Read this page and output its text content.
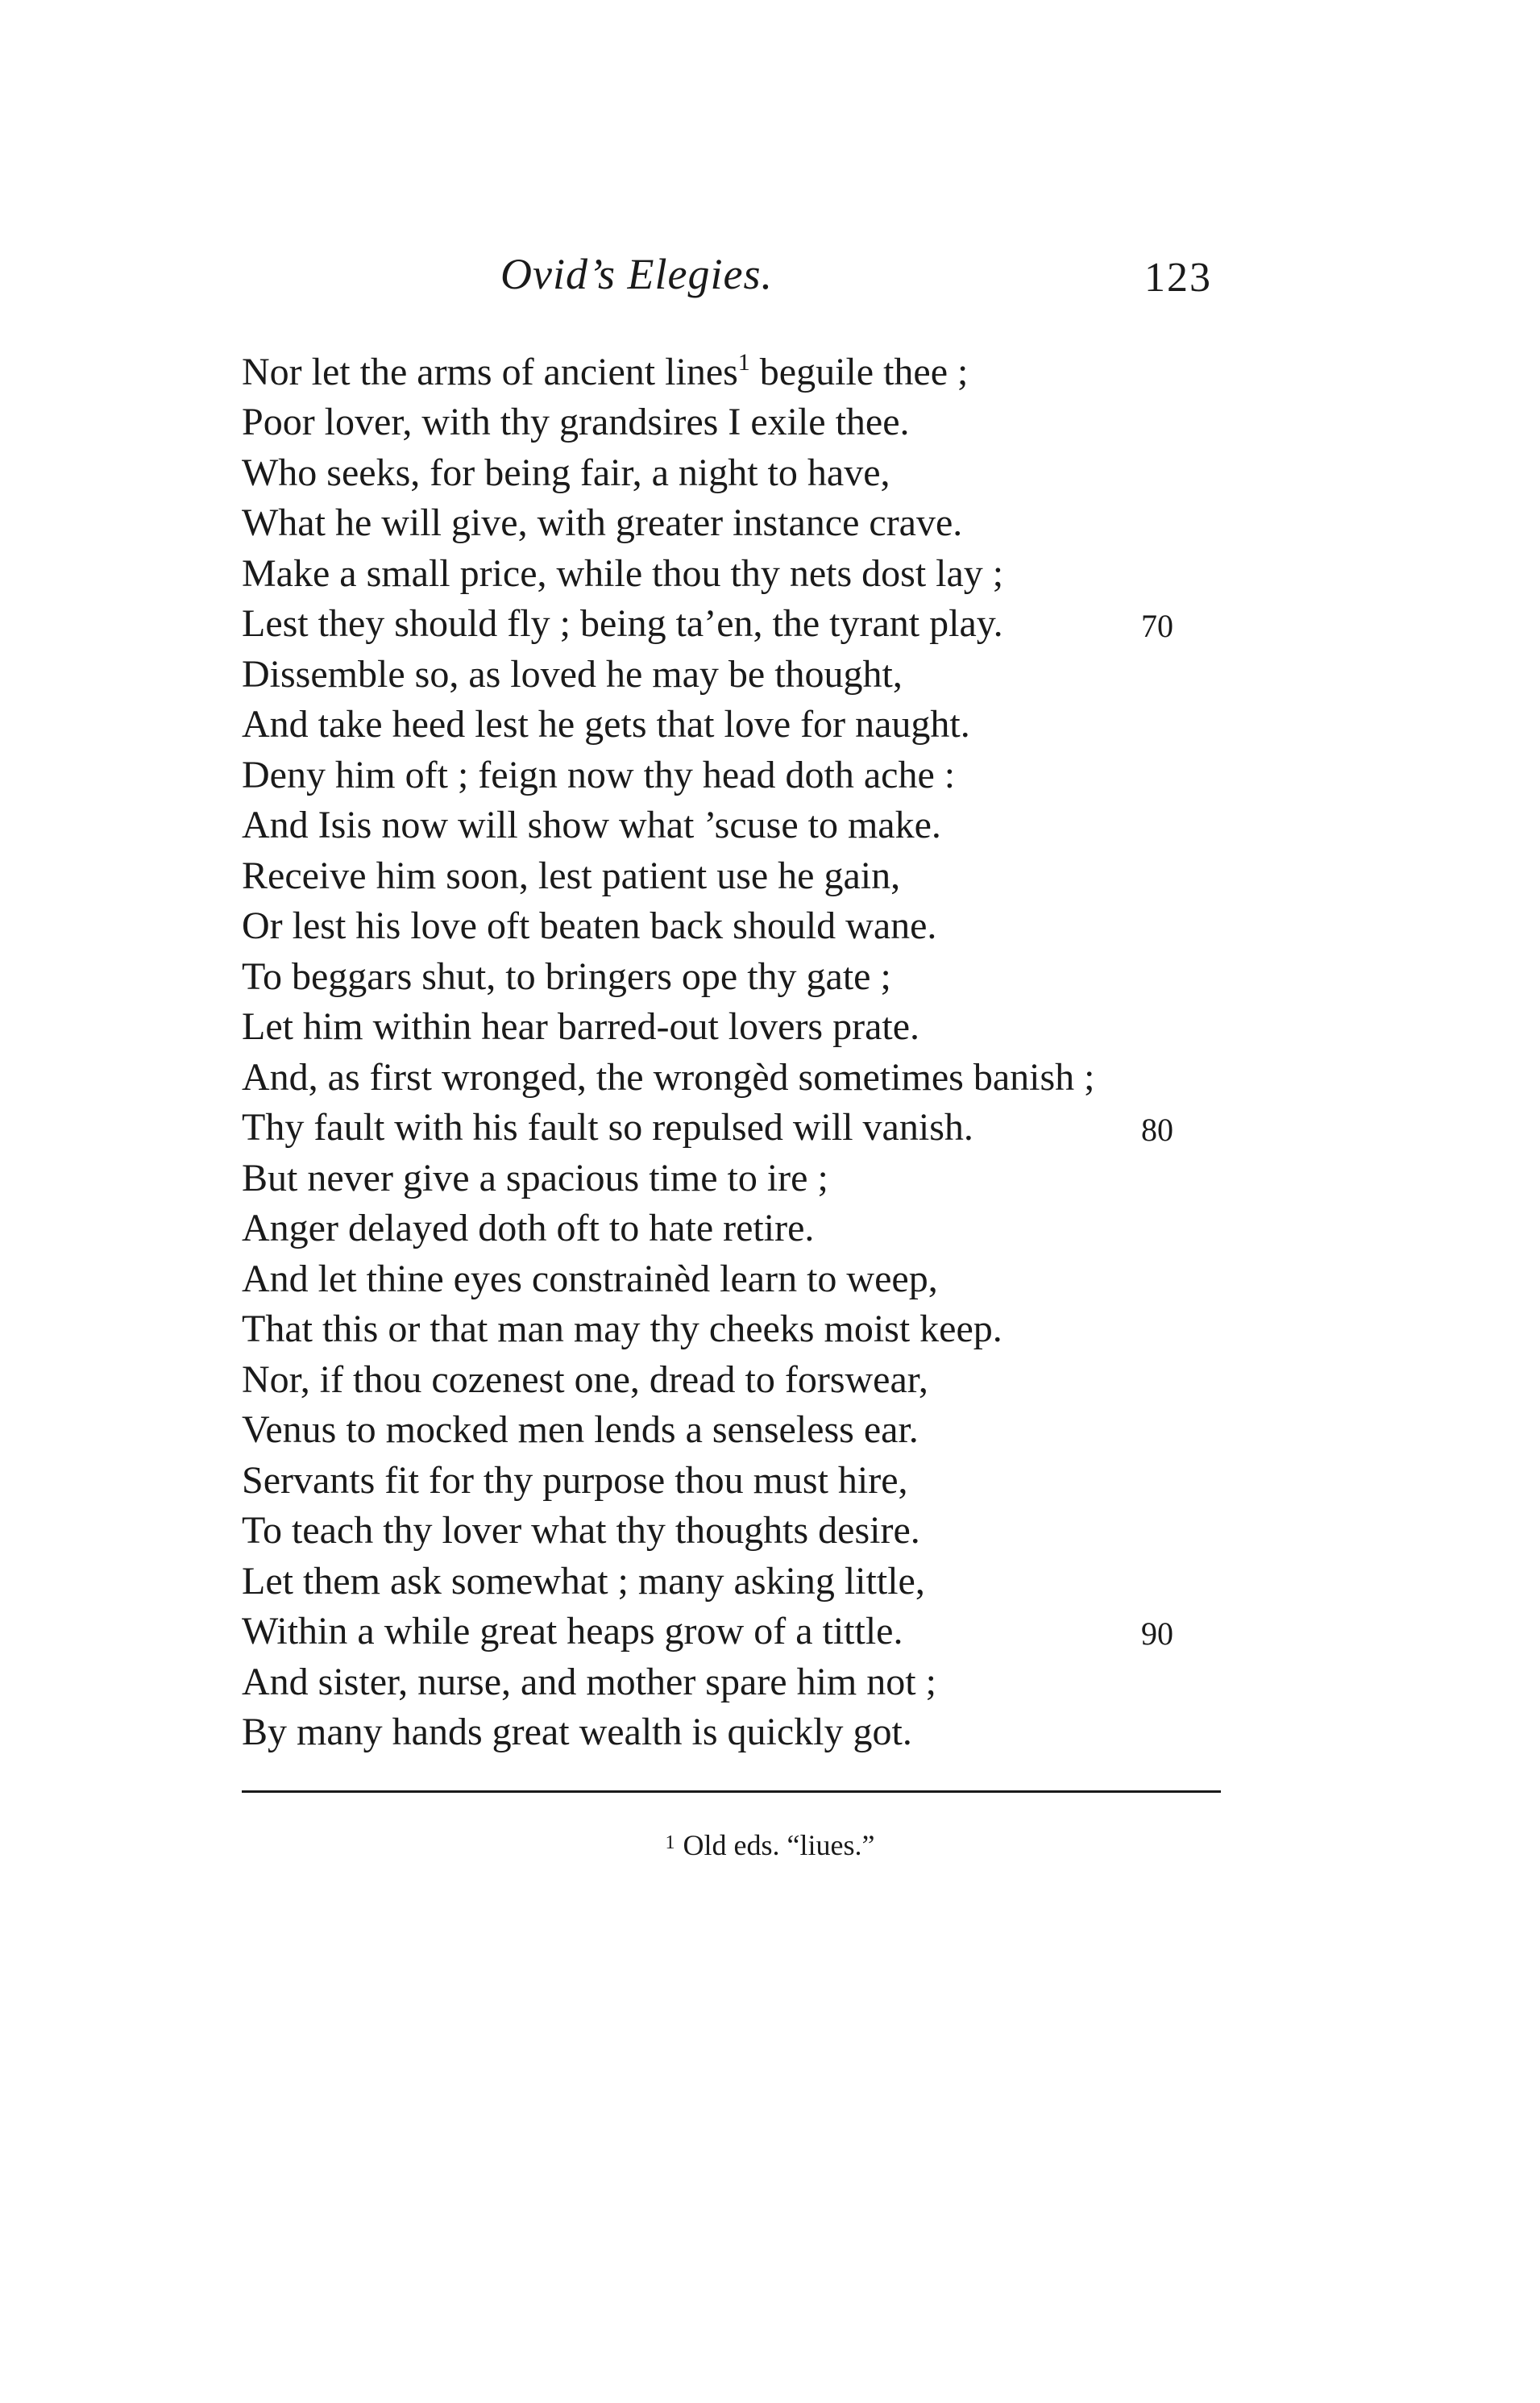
Ovid’s Elegies.	123
Nor let the arms of ancient lines$^1$ beguile thee ;
Poor lover, with thy grandsires I exile thee.
Who seeks, for being fair, a night to have,
What he will give, with greater instance crave.
Make a small price, while thou thy nets dost lay ;
Lest they should fly ; being ta’en, the tyrant play.
Dissemble so, as loved he may be thought,
And take heed lest he gets that love for naught.
Deny him oft ; feign now thy head doth ache :
And Isis now will show what ’scuse to make.
Receive him soon, lest patient use he gain,
Or lest his love oft beaten back should wane.
To beggars shut, to bringers ope thy gate ;
Let him within hear barred-out lovers prate.
And, as first wronged, the wrongèd sometimes banish ;
Thy fault with his fault so repulsed will vanish.
But never give a spacious time to ire ;
Anger delayed doth oft to hate retire.
And let thine eyes constrainèd learn to weep,
That this or that man may thy cheeks moist keep.
Nor, if thou cozenest one, dread to forswear,
Venus to mocked men lends a senseless ear.
Servants fit for thy purpose thou must hire,
To teach thy lover what thy thoughts desire.
Let them ask somewhat ; many asking little,
Within a while great heaps grow of a tittle.
And sister, nurse, and mother spare him not ;
By many hands great wealth is quickly got.
70
80
90
$^1$ Old eds. “liues.”
